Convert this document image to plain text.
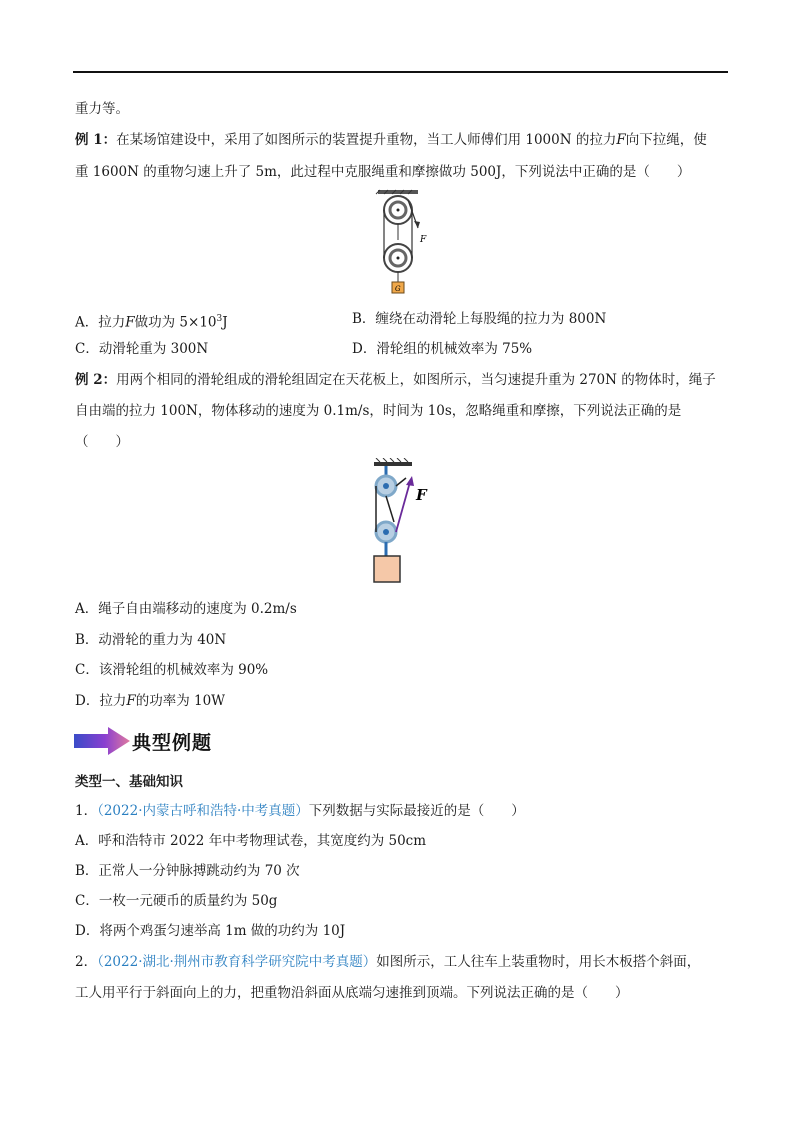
重力等。
例 1：在某场馆建设中，采用了如图所示的装置提升重物，当工人师傅们用 1000N 的拉力F向下拉绳，使
重 1600N 的重物匀速上升了 5m，此过程中克服绳重和摩擦做功 500J，下列说法中正确的是（　　）
F
G
A．拉力F做功为 $5\times 10^3J$	B．缠绕在动滑轮上每股绳的拉力为 800N
C．动滑轮重为 300N	D．滑轮组的机械效率为 75%
例 2：用两个相同的滑轮组成的滑轮组固定在天花板上，如图所示，当匀速提升重为 270N 的物体时，绳子
自由端的拉力 100N，物体移动的速度为 0.1m/s，时间为 10s，忽略绳重和摩擦，下列说法正确的是
（　　）
F
A．绳子自由端移动的速度为 0.2m/s
B．动滑轮的重力为 40N
C．该滑轮组的机械效率为 90%
D．拉力F的功率为 10W
典型例题
类型一、基础知识
1．（2022·内蒙古呼和浩特·中考真题）下列数据与实际最接近的是（　　）
A．呼和浩特市 2022 年中考物理试卷，其宽度约为 50cm
B．正常人一分钟脉搏跳动约为 70 次
C．一枚一元硬币的质量约为 50g
D．将两个鸡蛋匀速举高 1m 做的功约为 10J
2．（2022·湖北·荆州市教育科学研究院中考真题）如图所示，工人往车上装重物时，用长木板搭个斜面，
工人用平行于斜面向上的力，把重物沿斜面从底端匀速推到顶端。下列说法正确的是（　　）
